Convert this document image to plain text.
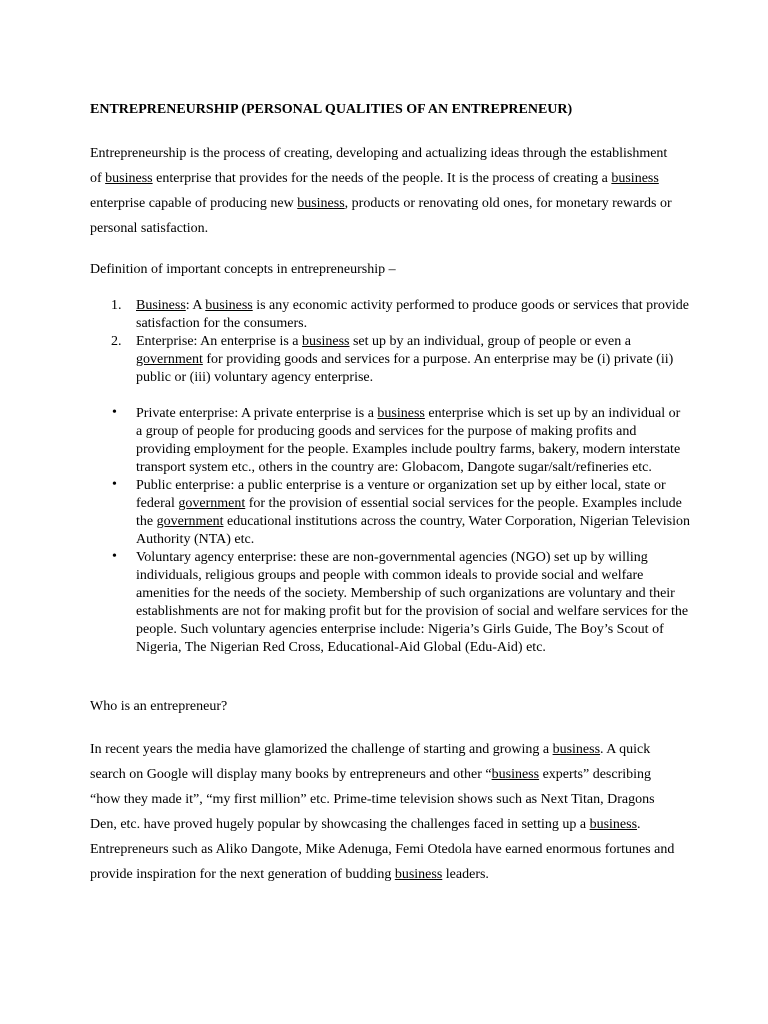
ENTREPRENEURSHIP (PERSONAL QUALITIES OF AN ENTREPRENEUR)

Entrepreneurship is the process of creating, developing and actualizing ideas through the establishment of business enterprise that provides for the needs of the people. It is the process of creating a business enterprise capable of producing new business, products or renovating old ones, for monetary rewards or personal satisfaction.

Definition of important concepts in entrepreneurship –

1. Business: A business is any economic activity performed to produce goods or services that provide satisfaction for the consumers.
2. Enterprise: An enterprise is a business set up by an individual, group of people or even a government for providing goods and services for a purpose. An enterprise may be (i) private (ii) public or (iii) voluntary agency enterprise.
• Private enterprise: A private enterprise is a business enterprise which is set up by an individual or a group of people for producing goods and services for the purpose of making profits and providing employment for the people. Examples include poultry farms, bakery, modern interstate transport system etc., others in the country are: Globacom, Dangote sugar/salt/refineries etc.
• Public enterprise: a public enterprise is a venture or organization set up by either local, state or federal government for the provision of essential social services for the people. Examples include the government educational institutions across the country, Water Corporation, Nigerian Television Authority (NTA) etc.
• Voluntary agency enterprise: these are non-governmental agencies (NGO) set up by willing individuals, religious groups and people with common ideals to provide social and welfare amenities for the needs of the society. Membership of such organizations are voluntary and their establishments are not for making profit but for the provision of social and welfare services for the people. Such voluntary agencies enterprise include: Nigeria’s Girls Guide, The Boy’s Scout of Nigeria, The Nigerian Red Cross, Educational-Aid Global (Edu-Aid) etc.

Who is an entrepreneur?

In recent years the media have glamorized the challenge of starting and growing a business. A quick search on Google will display many books by entrepreneurs and other “business experts” describing “how they made it”, “my first million” etc. Prime-time television shows such as Next Titan, Dragons Den, etc. have proved hugely popular by showcasing the challenges faced in setting up a business. Entrepreneurs such as Aliko Dangote, Mike Adenuga, Femi Otedola have earned enormous fortunes and provide inspiration for the next generation of budding business leaders.
